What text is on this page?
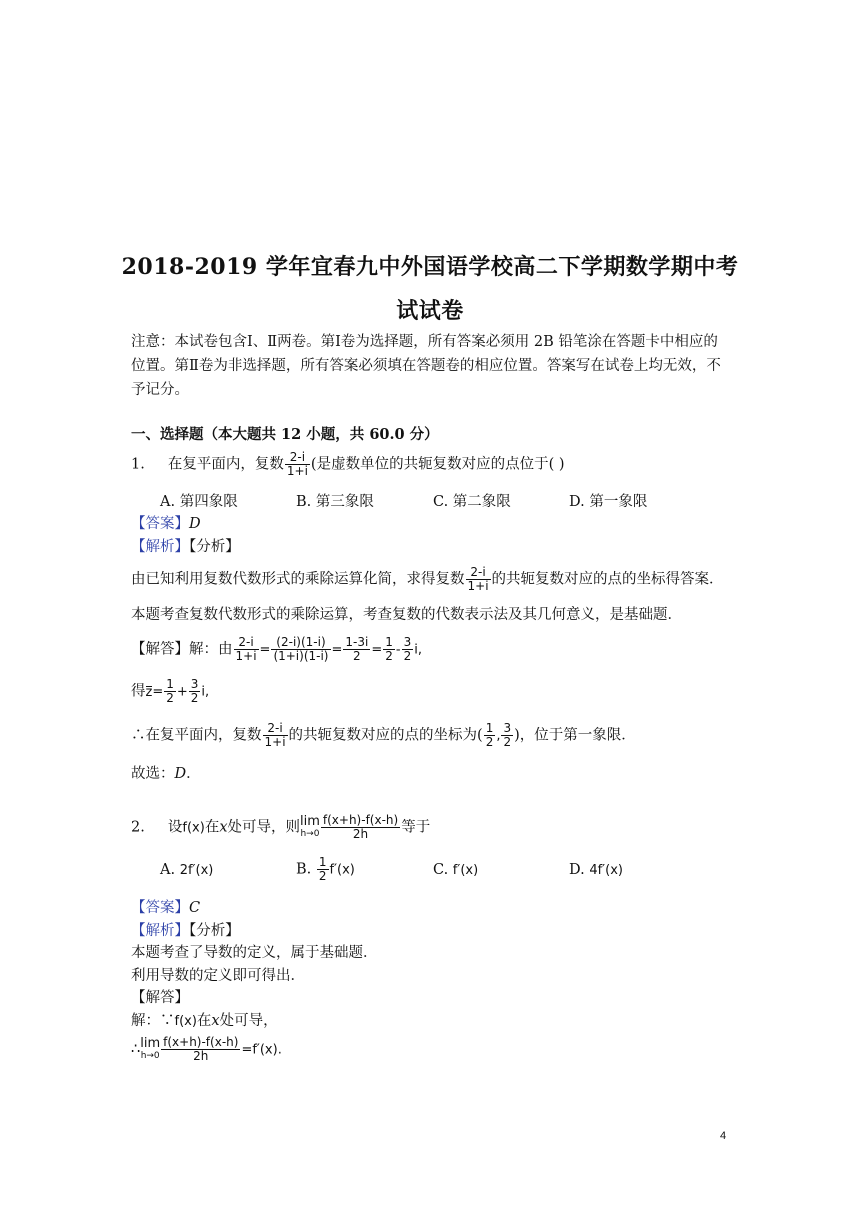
2018-2019 学年宜春九中外国语学校高二下学期数学期中考
试试卷
注意：本试卷包含Ⅰ、Ⅱ两卷。第Ⅰ卷为选择题，所有答案必须用 2B 铅笔涂在答题卡中相应的位置。第Ⅱ卷为非选择题，所有答案必须填在答题卷的相应位置。答案写在试卷上均无效，不予记分。
一、选择题（本大题共 12 小题，共 60.0 分）
1. 在复平面内，复数 $\frac{2-i}{1+i}$ (是虚数单位的共轭复数对应的点位于( )
A. 第四象限	B. 第三象限	C. 第二象限	D. 第一象限
【答案】D
【解析】【分析】
由已知利用复数代数形式的乘除运算化简，求得复数 $\frac{2-i}{1+i}$ 的共轭复数对应的点的坐标得答案．
本题考查复数代数形式的乘除运算，考查复数的代数表示法及其几何意义，是基础题．
【解答】解：由 $\frac{2-i}{1+i} = \frac{(2-i)(1-i)}{(1+i)(1-i)} = \frac{1-3i}{2} = \frac{1}{2} - \frac{3}{2} i$,
得$z= \frac{1}{2} + \frac{3}{2} i$,
∴在复平面内，复数 $\frac{2-i}{1+i}$ 的共轭复数对应的点的坐标为( $\frac{1}{2}$ , $\frac{3}{2}$ )，位于第一象限．
故选：D．
2. 设f(x)在x处可导，则lim
$h\to 0 \frac{f(x+h)-f(x-h)}{2h}$ 等于
A. 2f′(x)	B. $\frac{1}{2} f'(x)$	C. f′(x)	D. 4f′(x)
【答案】C
【解析】【分析】
本题考查了导数的定义，属于基础题．
利用导数的定义即可得出．
【解答】
解：∵f(x)在x处可导，
∴lim
$h\to 0 \frac{f(x+h)-f(x-h)}{2h} =f'(x)$.
4
